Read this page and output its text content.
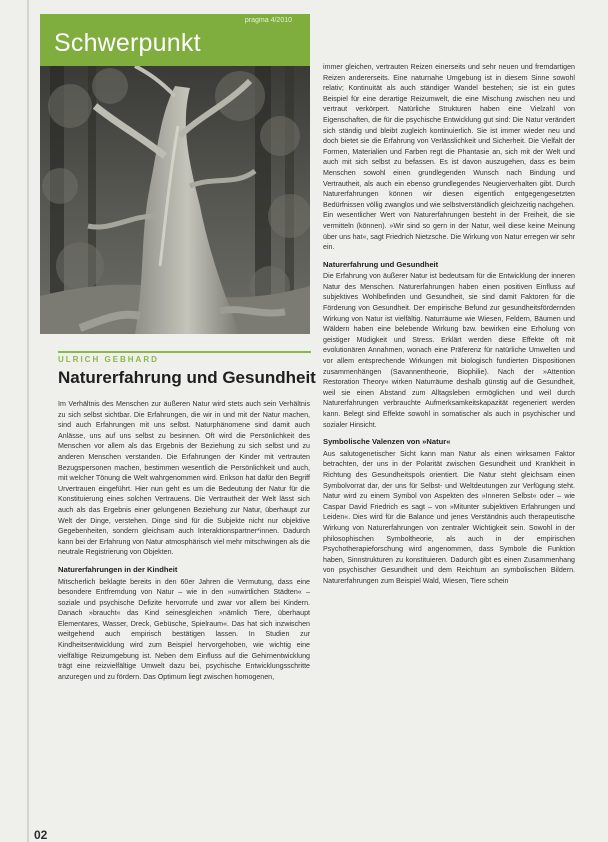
Schwerpunkt
pragma 4/2010
ULRICH GEBHARD
Naturerfahrung und Gesundheit

Im Verhältnis des Menschen zur äußeren Natur wird stets auch sein Verhältnis zu sich selbst sichtbar. Die Erfahrungen, die wir in und mit der Natur machen, sind auch Erfahrungen mit uns selbst. Naturphänomene sind damit auch Anlässe, uns auf uns selbst zu besinnen. Oft wird die Persönlichkeit des Menschen vor allem als das Ergebnis der Beziehung zu sich selbst und zu anderen Menschen verstanden. Die Erfahrungen der Kinder mit vertrauten Bezugspersonen machen, bestimmen wesentlich die Persönlichkeit und auch, mit welcher Tönung die Welt wahrgenommen wird. Erikson hat dafür den Begriff Urvertrauen eingeführt. Hier nun geht es um die Bedeutung der Natur für die Konstituierung eines solchen Vertrauens. Die Vertrautheit der Welt lässt sich auch als das Ergebnis einer gelungenen Beziehung zur Natur, überhaupt zur Welt der Dinge, verstehen. Dinge sind für die Subjekte nicht nur objektive Gegebenheiten, sondern gleichsam auch Interaktionspartner*innen. Dadurch kann bei der Erfahrung von Natur atmosphärisch viel mehr mitschwingen als die neutrale Registrierung von Objekten.

Naturerfahrungen in der Kindheit

Mitscherlich beklagte bereits in den 60er Jahren die Vermutung, dass eine besondere Entfremdung von Natur – wie in den »unwirtlichen Städten« – soziale und psychische Defizite hervorrufe und zwar vor allem bei Kindern. Danach »braucht« das Kind seinesgleichen »nämlich Tiere, überhaupt Elementares, Wasser, Dreck, Gebüsche, Spielraum«. Das hat sich inzwischen weitgehend auch empirisch bestätigen lassen. In Studien zur Kindheitsentwicklung wird zum Beispiel hervorgehoben, wie wichtig eine vielfältige Reizumgebung ist. Neben dem Einfluss auf die Gehirnentwicklung trägt eine reizvielfältige Umwelt dazu bei, psychische Entwicklungsschritte anzuregen und zu fördern. Das Optimum liegt zwischen homogenen,

immer gleichen, vertrauten Reizen einerseits und sehr neuen und fremdartigen Reizen andererseits. Eine naturnahe Umgebung ist in diesem Sinne sowohl relativ; Kontinuität als auch ständiger Wandel bestehen; sie ist ein gutes Beispiel für eine derartige Reizumwelt, die eine Mischung zwischen neu und vertraut verkörpert. Natürliche Strukturen haben eine Vielzahl von Eigenschaften, die für die psychische Entwicklung gut sind: Die Natur verändert sich ständig und bleibt zugleich kontinuierlich. Sie ist immer wieder neu und doch bietet sie die Erfahrung von Verlässlichkeit und Sicherheit. Die Vielfalt der Formen, Materialien und Farben regt die Phantasie an, sich mit der Welt und auch mit sich selbst zu befassen. Es ist davon auszugehen, dass es beim Menschen sowohl einen grundlegenden Wunsch nach Bindung und Vertrautheit, als auch ein ebenso grundlegendes Neugierverhalten gibt. Durch Naturerfahrungen können wir diesen eigentlich entgegengesetzten Bedürfnissen völlig zwanglos und wie selbstverständlich gleichzeitig nachgehen. Ein wesentlicher Wert von Naturerfahrungen besteht in der Freiheit, die sie vermitteln (können). »Wir sind so gern in der Natur, weil diese keine Meinung über uns hat«, sagt Friedrich Nietzsche. Die Wirkung von Natur erregen wir sehr ein.

Naturerfahrung und Gesundheit

Die Erfahrung von äußerer Natur ist bedeutsam für die Entwicklung der inneren Natur des Menschen. Naturerfahrungen haben einen positiven Einfluss auf subjektives Wohlbefinden und Gesundheit, sie sind damit Faktoren für die Förderung von Gesundheit. Der empirische Befund zur gesundheitsfördernden Wirkung von Natur ist vielfältig. Naturräume wie Wiesen, Feldern, Bäumen und Wäldern haben eine belebende Wirkung bzw. bewirken eine Erholung von geistiger Müdigkeit und Stress. Erklärt werden diese Effekte oft mit evolutionären Annahmen, wonach eine Präferenz für natürliche Umwelten und vor allem entsprechende Wirkungen mit biologisch fundierten Dispositionen zusammenhängen (Savannentheorie, Biophilie). Nach der »Attention Restoration Theory« wirken Naturräume deshalb günstig auf die Gesundheit, weil sie einen Abstand zum Alltagsleben ermöglichen und weil durch Naturerfahrungen verbrauchte Aufmerksamkeitskapazität regeneriert werden kann. Belegt sind Effekte sowohl in somatischer als auch in psychischer und sozialer Hinsicht.

Symbolische Valenzen von »Natur«

Aus salutogenetischer Sicht kann man Natur als einen wirksamen Faktor betrachten, der uns in der Polarität zwischen Gesundheit und Krankheit in Richtung des Gesundheitspols orientiert. Die Natur steht gleichsam einen Symbolvorrat dar, der uns für Selbst- und Weltdeutungen zur Verfügung steht. Natur wird zu einem Symbol von Aspekten des »Inneren Selbst« oder – wie Caspar David Friedrich es sagt – von »Mitunter subjektiven Erfahrungen und Leiden«. Dies wird für die Balance und jenes Verständnis auch therapeutische Wirkung von Naturerfahrungen von zentraler Wichtigkeit sein. Sowohl in der philosophischen Symboltheorie, als auch in der empirischen Psychotherapieforschung wird angenommen, dass Symbole die Funktion haben, Sinnstrukturen zu konstituieren. Dadurch gibt es einen Zusammenhang von psychischer Gesundheit und dem Reichtum an symbolischen Bildern. Naturerfahrungen zum Beispiel Wald, Wiesen, Tiere schein

02
